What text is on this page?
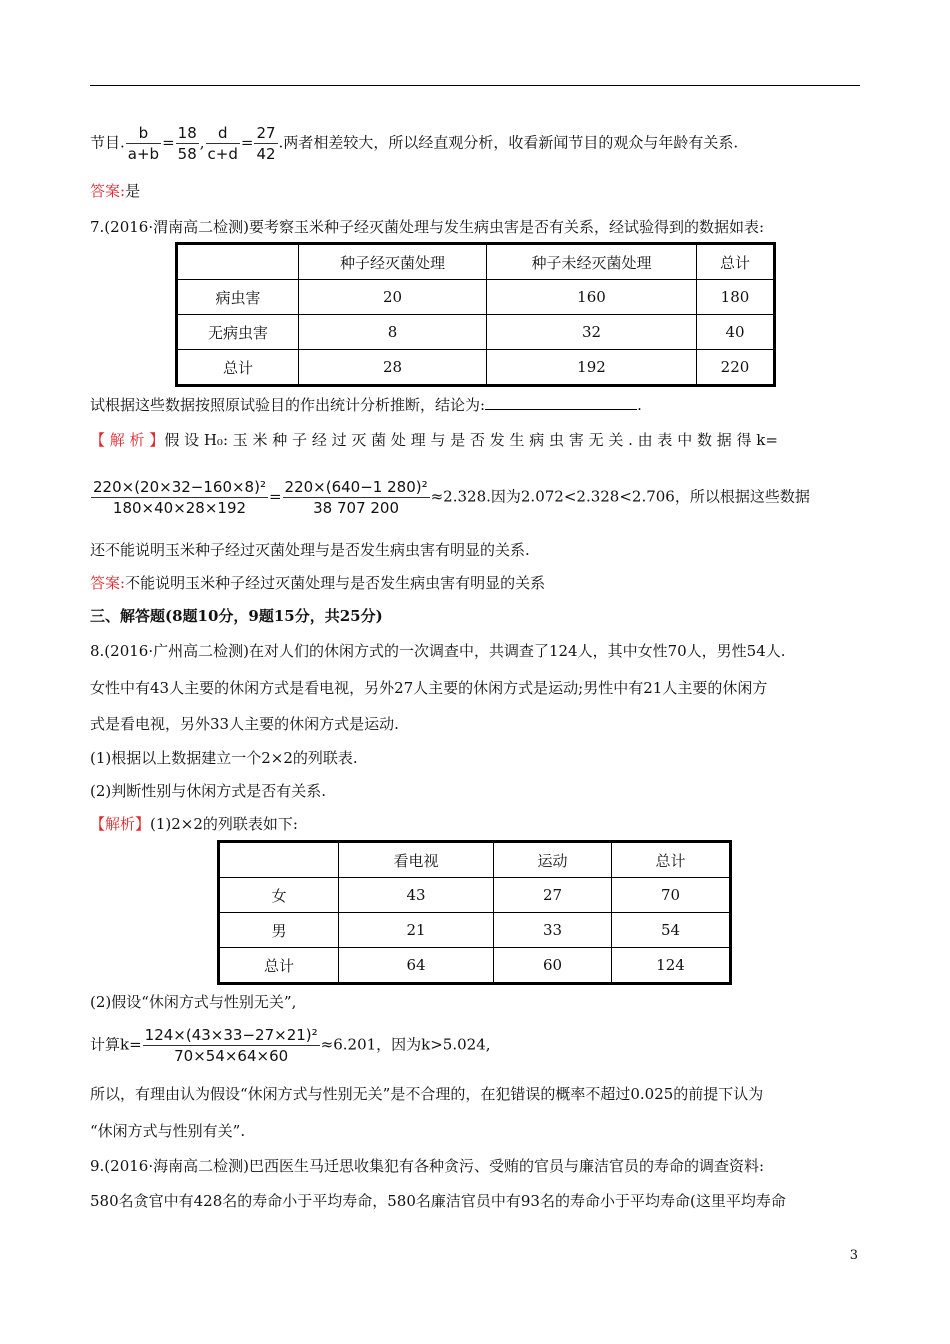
节目. $\frac{b}{a+b} = \frac{18}{58}$ , $\frac{d}{c+d} = \frac{27}{42}$ .两者相差较大，所以经直观分析，收看新闻节目的观众与年龄有关系.
答案:是
7.(2016·渭南高二检测)要考察玉米种子经灭菌处理与发生病虫害是否有关系，经试验得到的数据如表:
	种子经灭菌处理	种子未经灭菌处理	总计
病虫害	20	160	180
无病虫害	8	32	40
总计	28	192	220
试根据这些数据按照原试验目的作出统计分析推断，结论为:	.
【 解 析 】假 设 H₀: 玉 米 种 子 经 过 灭 菌 处 理 与 是 否 发 生 病 虫 害 无 关 . 由 表 中 数 据 得 k=
$\frac{\text{220×(20×32−160×8)²}}{180\times 40\times 28\times 192} = \frac{\text{220×(640−1 280)²}}{38 707 200} \approx 2.328$.因为2.072<2.328<2.706，所以根据这些数据
还不能说明玉米种子经过灭菌处理与是否发生病虫害有明显的关系.
答案:不能说明玉米种子经过灭菌处理与是否发生病虫害有明显的关系
三、解答题(8题10分，9题15分，共25分)
8.(2016·广州高二检测)在对人们的休闲方式的一次调查中，共调查了124人，其中女性70人，男性54人.
女性中有43人主要的休闲方式是看电视，另外27人主要的休闲方式是运动;男性中有21人主要的休闲方
式是看电视，另外33人主要的休闲方式是运动.
(1)根据以上数据建立一个2×2的列联表.
(2)判断性别与休闲方式是否有关系.
【解析】(1)2×2的列联表如下:
	看电视	运动	总计
女	43	27	70
男	21	33	54
总计	64	60	124
(2)假设“休闲方式与性别无关”,
计算$k= \frac{\text{124×(43×33−27×21)²}}{70\times 54\times 64\times 60} \approx 6.201$，因为k>5.024,
所以，有理由认为假设“休闲方式与性别无关”是不合理的，在犯错误的概率不超过0.025的前提下认为
“休闲方式与性别有关”.
9.(2016·海南高二检测)巴西医生马迁思收集犯有各种贪污、受贿的官员与廉洁官员的寿命的调查资料:
580名贪官中有428名的寿命小于平均寿命，580名廉洁官员中有93名的寿命小于平均寿命(这里平均寿命
3
